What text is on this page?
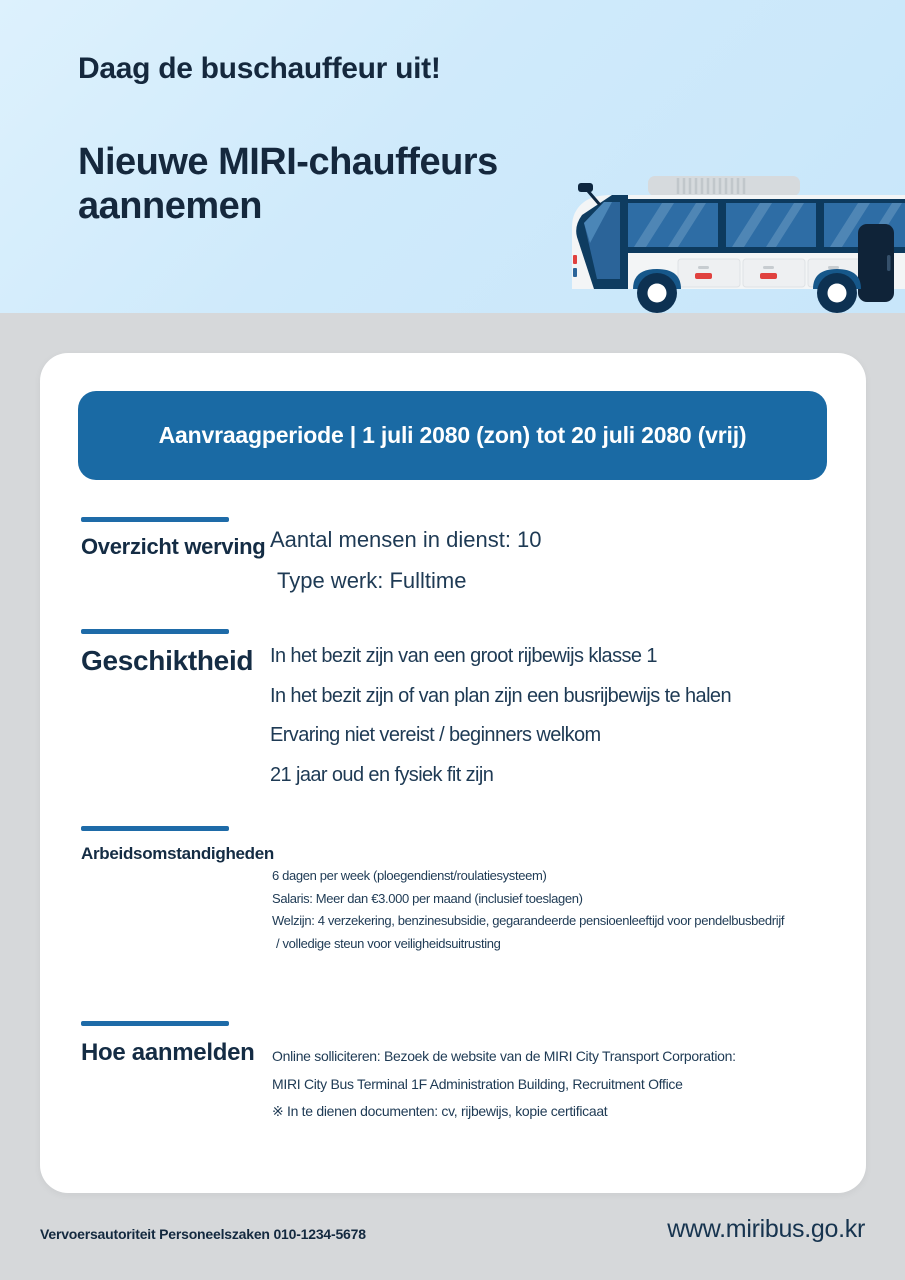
Daag de buschauffeur uit!
Nieuwe MIRI-chauffeurs
aannemen
Aanvraagperiode | 1 juli 2080 (zon) tot 20 juli 2080 (vrij)
Overzicht werving Aantal mensen in dienst: 10

Type werk: Fulltime

Geschiktheid In het bezit zijn van een groot rijbewijs klasse 1

In het bezit zijn of van plan zijn een busrijbewijs te halen

Ervaring niet vereist / beginners welkom

21 jaar oud en fysiek fit zijn

Arbeidsomstandigheden

6 dagen per week (ploegendienst/roulatiesysteem)

Salaris: Meer dan €3.000 per maand (inclusief toeslagen)

Welzijn: 4 verzekering, benzinesubsidie, gegarandeerde pensioenleeftijd voor pendelbusbedrijf

/ volledige steun voor veiligheidsuitrusting

Hoe aanmelden Online solliciteren: Bezoek de website van de MIRI City Transport Corporation:

MIRI City Bus Terminal 1F Administration Building, Recruitment Office

※ In te dienen documenten: cv, rijbewijs, kopie certificaat

Vervoersautoriteit Personeelszaken 010-1234-5678	www.miribus.go.kr
